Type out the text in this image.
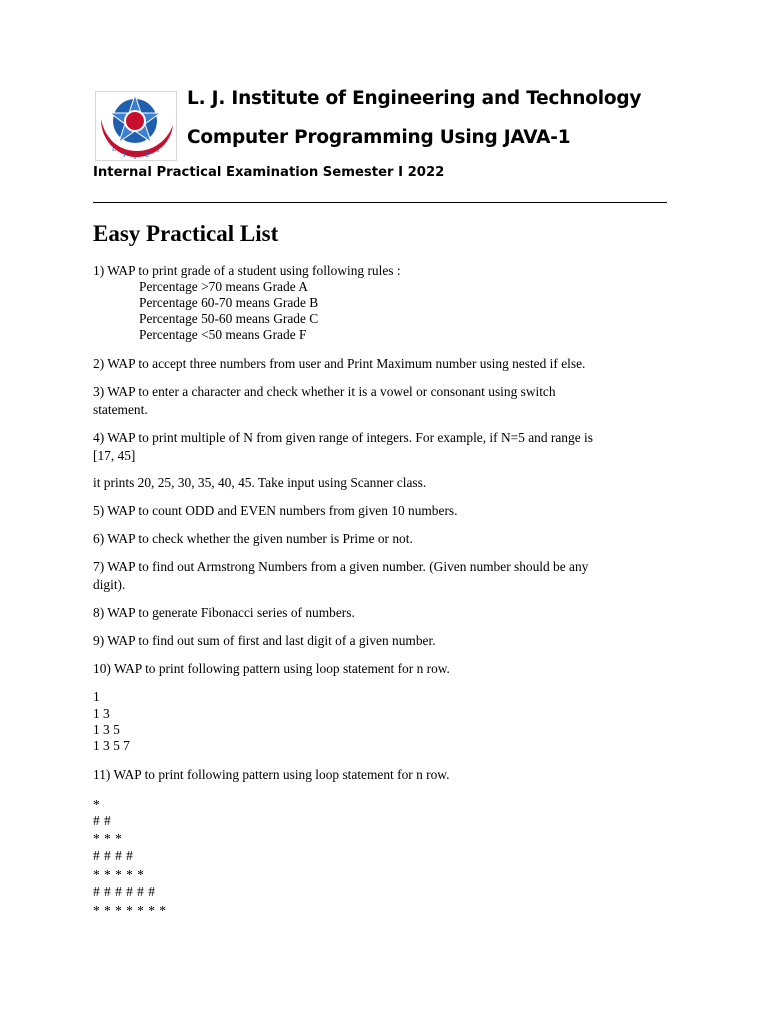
L
J I E
T
L. J. Institute of Engineering and Technology
Computer Programming Using JAVA-1

Internal Practical Examination Semester I 2022

Easy Practical List

1) WAP to print grade of a student using following rules :

Percentage >70 means Grade A

Percentage 60-70 means Grade B

Percentage 50-60 means Grade C

Percentage <50 means Grade F

2) WAP to accept three numbers from user and Print Maximum number using nested if else.

3) WAP to enter a character and check whether it is a vowel or consonant using switch

statement.

4) WAP to print multiple of N from given range of integers. For example, if N=5 and range is

[17, 45]

it prints 20, 25, 30, 35, 40, 45. Take input using Scanner class.

5) WAP to count ODD and EVEN numbers from given 10 numbers.

6) WAP to check whether the given number is Prime or not.

7) WAP to find out Armstrong Numbers from a given number. (Given number should be any

digit).

8) WAP to generate Fibonacci series of numbers.

9) WAP to find out sum of first and last digit of a given number.

10) WAP to print following pattern using loop statement for n row.

1

1 3

1 3 5

1 3 5 7

11) WAP to print following pattern using loop statement for n row.

*

# #

* * *

# # # #

* * * * *

# # # # # #

* * * * * * *
